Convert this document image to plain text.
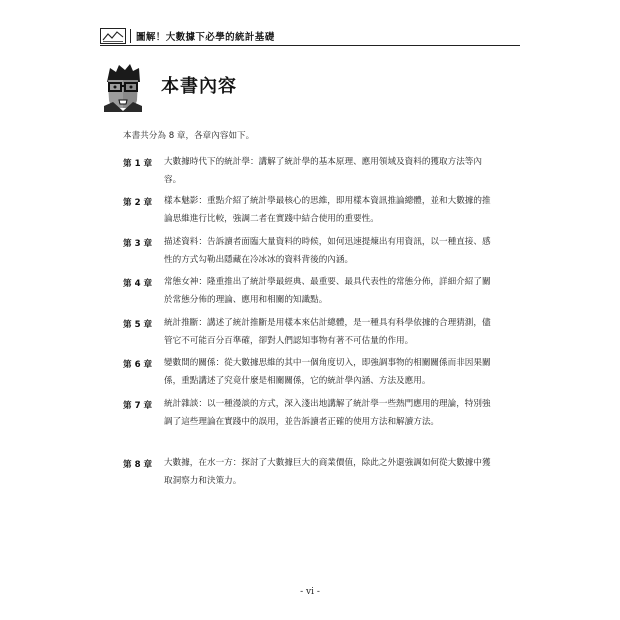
圖解！大數據下必學的統計基礎
本書內容
本書共分為 8 章，各章內容如下。
第 1 章 大數據時代下的統計學：講解了統計學的基本原理、應用領域及資料的獲取方法等內容。
第 2 章 樣本魅影：重點介紹了統計學最核心的思維，即用樣本資訊推論總體，並和大數據的推論思維進行比較，強調二者在實踐中結合使用的重要性。
第 3 章 描述資料：告訴讀者面臨大量資料的時候，如何迅速提煉出有用資訊，以一種直接、感性的方式勾勒出隱藏在冷冰冰的資料背後的內涵。
第 4 章 常態女神：隆重推出了統計學最經典、最重要、最具代表性的常態分佈，詳細介紹了關於常態分佈的理論、應用和相關的知識點。
第 5 章 統計推斷：講述了統計推斷是用樣本來估計總體，是一種具有科學依據的合理猜測，儘管它不可能百分百準確，卻對人們認知事物有著不可估量的作用。
第 6 章 變數間的關係：從大數據思維的其中一個角度切入，即強調事物的相關關係而非因果關係，重點講述了究竟什麼是相關關係，它的統計學內涵、方法及應用。
第 7 章 統計雜談：以一種漫談的方式，深入淺出地講解了統計學一些熱門應用的理論，特別強調了這些理論在實踐中的誤用，並告訴讀者正確的使用方法和解讀方法。
第 8 章 大數據，在水一方：探討了大數據巨大的商業價值，除此之外還強調如何從大數據中獲取洞察力和決策力。
- vi -
